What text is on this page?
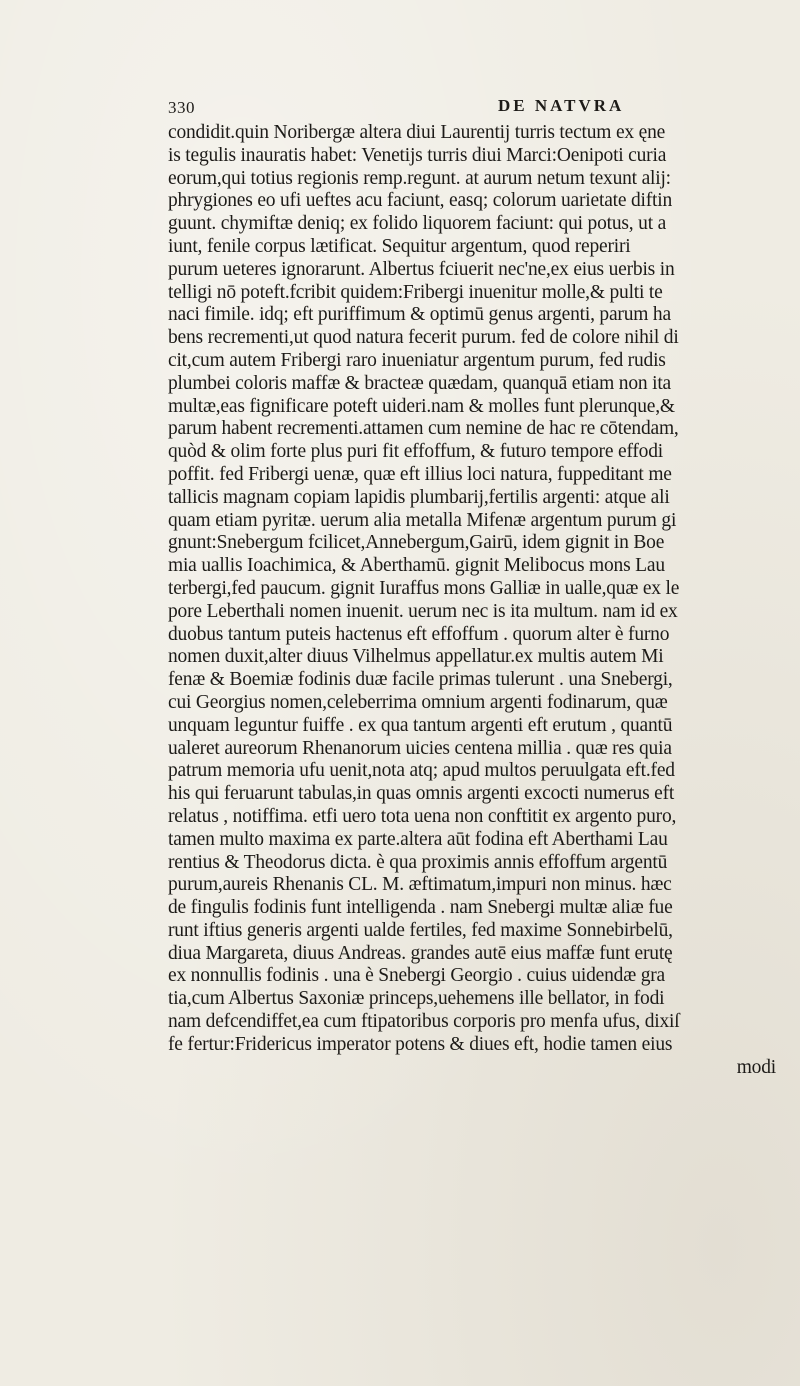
330	DE NATVRA
condidit.quin Noribergæ altera diui Laurentij turris tectum ex ęne
is tegulis inauratis habet: Venetijs turris diui Marci:Oenipoti curia
eorum,qui totius regionis remp.regunt. at aurum netum texunt alij:
phrygiones eo ufi ueftes acu faciunt, easq; colorum uarietate diftin
guunt. chymiftæ deniq; ex folido liquorem faciunt: qui potus, ut a
iunt, fenile corpus lætificat. Sequitur argentum, quod reperiri
purum ueteres ignorarunt. Albertus fciuerit nec'ne,ex eius uerbis in
telligi nō poteft.fcribit quidem:Fribergi inuenitur molle,& pulti te
naci fimile. idq; eft puriffimum & optimū genus argenti, parum ha
bens recrementi,ut quod natura fecerit purum. fed de colore nihil di
cit,cum autem Fribergi raro inueniatur argentum purum, fed rudis
plumbei coloris maffæ & bracteæ quædam, quanquā etiam non ita
multæ,eas fignificare poteft uideri.nam & molles funt plerunque,&
parum habent recrementi.attamen cum nemine de hac re cōtendam,
quòd & olim forte plus puri fit effoffum, & futuro tempore effodi
poffit. fed Fribergi uenæ, quæ eft illius loci natura, fuppeditant me
tallicis magnam copiam lapidis plumbarij,fertilis argenti: atque ali
quam etiam pyritæ. uerum alia metalla Mifenæ argentum purum gi
gnunt:Snebergum fcilicet,Annebergum,Gairū, idem gignit in Boe
mia uallis Ioachimica, & Aberthamū. gignit Melibocus mons Lau
terbergi,fed paucum. gignit Iuraffus mons Galliæ in ualle,quæ ex le
pore Leberthali nomen inuenit. uerum nec is ita multum. nam id ex
duobus tantum puteis hactenus eft effoffum . quorum alter è furno
nomen duxit,alter diuus Vilhelmus appellatur.ex multis autem Mi
fenæ & Boemiæ fodinis duæ facile primas tulerunt . una Snebergi,
cui Georgius nomen,celeberrima omnium argenti fodinarum, quæ
unquam leguntur fuiffe . ex qua tantum argenti eft erutum , quantū
ualeret aureorum Rhenanorum uicies centena millia . quæ res quia
patrum memoria ufu uenit,nota atq; apud multos peruulgata eft.fed
his qui feruarunt tabulas,in quas omnis argenti excocti numerus eft
relatus , notiffima. etfi uero tota uena non conftitit ex argento puro,
tamen multo maxima ex parte.altera aūt fodina eft Aberthami Lau
rentius & Theodorus dicta. è qua proximis annis effoffum argentū
purum,aureis Rhenanis CL. M. æftimatum,impuri non minus. hæc
de fingulis fodinis funt intelligenda . nam Snebergi multæ aliæ fue
runt iftius generis argenti ualde fertiles, fed maxime Sonnebirbelū,
diua Margareta, diuus Andreas. grandes autē eius maffæ funt erutę
ex nonnullis fodinis . una è Snebergi Georgio . cuius uidendæ gra
tia,cum Albertus Saxoniæ princeps,uehemens ille bellator, in fodi
nam defcendiffet,ea cum ftipatoribus corporis pro menfa ufus, dixiſ
fe fertur:Fridericus imperator potens & diues eft, hodie tamen eius
modi
